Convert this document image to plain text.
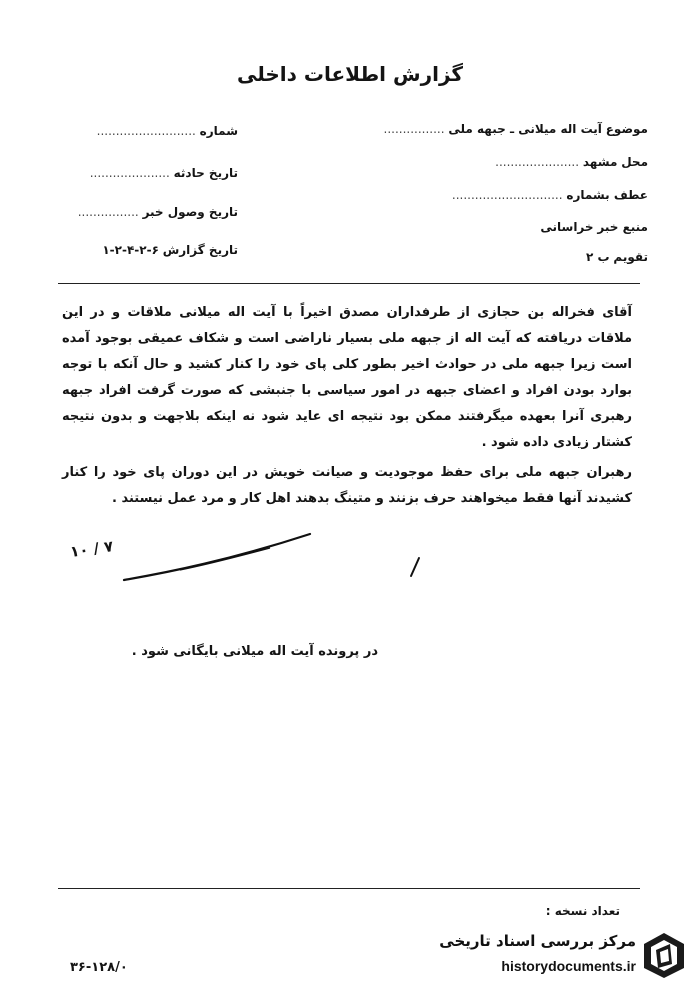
گزارش اطلاعات داخلی
موضوع آیت اله میلانی ـ جبهه ملی ................
محل مشهد ......................
عطف بشماره .............................
منبع خبر خراسانی
تقویم ب ۲
شماره ..........................
تاریخ حادثه .....................
تاریخ وصول خبر ................
تاریخ گزارش ۶-۲-۴-۲-۱

آقای فخراله بن حجازی از طرفداران مصدق اخیراً با آیت اله میلانی ملاقات و در این ملاقات دریافته که آیت اله از جبهه ملی بسیار ناراضی است و شکاف عمیقی بوجود آمده است زیرا جبهه ملی در حوادث اخیر بطور کلی پای خود را کنار کشید و حال آنکه با توجه بوارد بودن افراد و اعضای جبهه در امور سیاسی با جنبشی که صورت گرفت افراد جبهه رهبری آنرا بعهده میگرفتند ممکن بود نتیجه ای عاید شود نه اینکه بلاجهت و بدون نتیجه کشتار زیادی داده شود .

رهبران جبهه ملی برای حفظ موجودیت و صیانت خویش در این دوران پای خود را کنار کشیدند آنها فقط میخواهند حرف بزنند و متینگ بدهند اهل کار و مرد عمل نیستند .

۱۰ / ۷
در پرونده آیت اله میلانی بایگانی شود .
تعداد نسخه :
۳۶-۱۲۸/۰
مرکز بررسی اسناد تاریخی
historydocuments.ir
